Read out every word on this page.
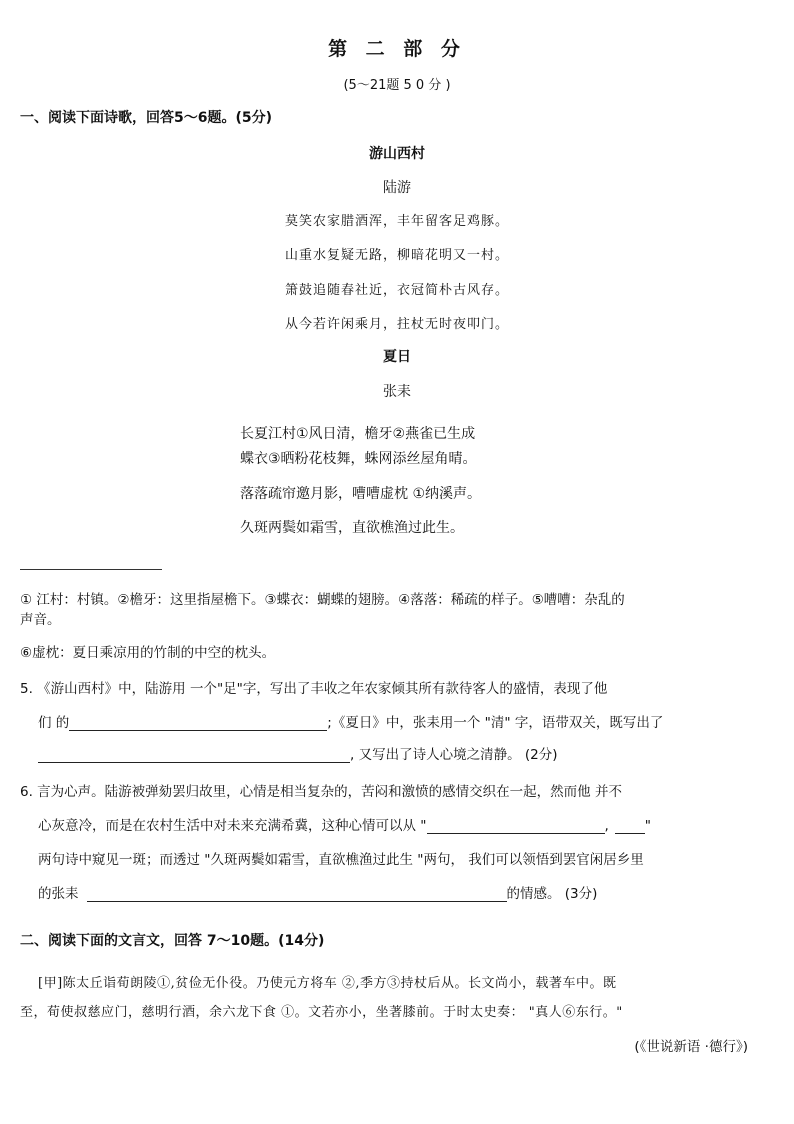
第 二 部 分
(5～21题 5 0 分 )
一、阅读下面诗歌，回答5～6题。(5分)
游山西村
陆游
莫笑农家腊酒浑，丰年留客足鸡豚。
山重水复疑无路，柳暗花明又一村。
箫鼓追随春社近，衣冠简朴古风存。
从今若许闲乘月，拄杖无时夜叩门。
夏日
张耒
长夏江村①风日清，檐牙②燕雀已生成
蝶衣③晒粉花枝舞，蛛网添丝屋角晴。
落落疏帘邀月影，嘈嘈虚枕 ①纳溪声。
久斑两鬓如霜雪，直欲樵渔过此生。
① 江村：村镇。②檐牙：这里指屋檐下。③蝶衣：蝴蝶的翅膀。④落落：稀疏的样子。⑤嘈嘈：杂乱的
声音。
⑥虚枕：夏日乘凉用的竹制的中空的枕头。
5. 《游山西村》中，陆游用 一个"足"字，写出了丰收之年农家倾其所有款待客人的盛情，表现了他
们 的	;《夏日》中，张耒用一个 "清" 字，语带双关，既写出了
, 又写出了诗人心境之清静。 (2分)
6. 言为心声。陆游被弹劾罢归故里，心情是相当复杂的，苦闷和激愤的感情交织在一起，然而他 并不
心灰意冷，而是在农村生活中对未来充满希冀，这种心情可以从 "	,	"
两句诗中窥见一斑；而透过 "久斑两鬓如霜雪，直欲樵渔过此生 "两句， 我们可以领悟到罢官闲居乡里
的张耒	的情感。 (3分)
二、阅读下面的文言文，回答 7～10题。(14分)
[甲]陈太丘诣荀朗陵①,贫俭无仆役。乃使元方将车 ②,季方③持杖后从。长文尚小，载著车中。既
至，荀使叔慈应门，慈明行酒，余六龙下食 ①。文若亦小，坐著膝前。于时太史奏： "真人⑥东行。"
(《世说新语 ·德行》)
